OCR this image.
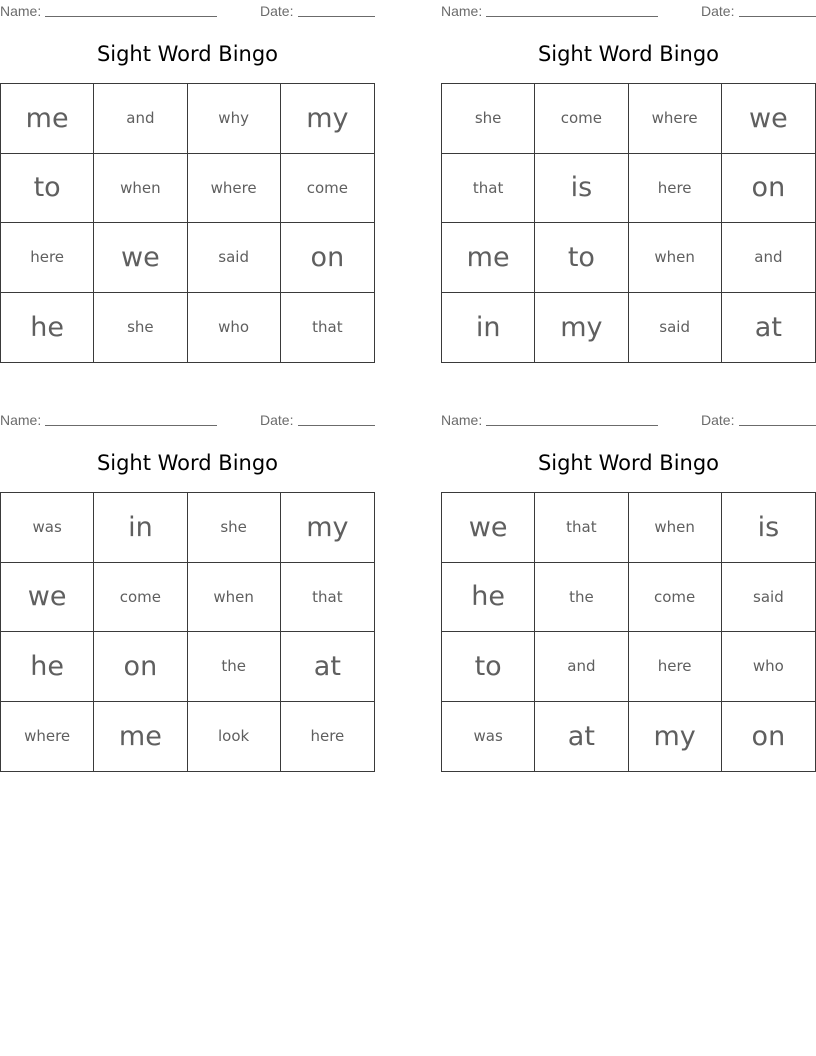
Name:	Date:
Sight Word Bingo
me	and	why	my
to	when	where	come
here	we	said	on
he	she	who	that
Name:	Date:
Sight Word Bingo
she	come	where	we
that	is	here	on
me	to	when	and
in	my	said	at
Name:	Date:
Sight Word Bingo
was	in	she	my
we	come	when	that
he	on	the	at
where	me	look	here
Name:	Date:
Sight Word Bingo
we	that	when	is
he	the	come	said
to	and	here	who
was	at	my	on
